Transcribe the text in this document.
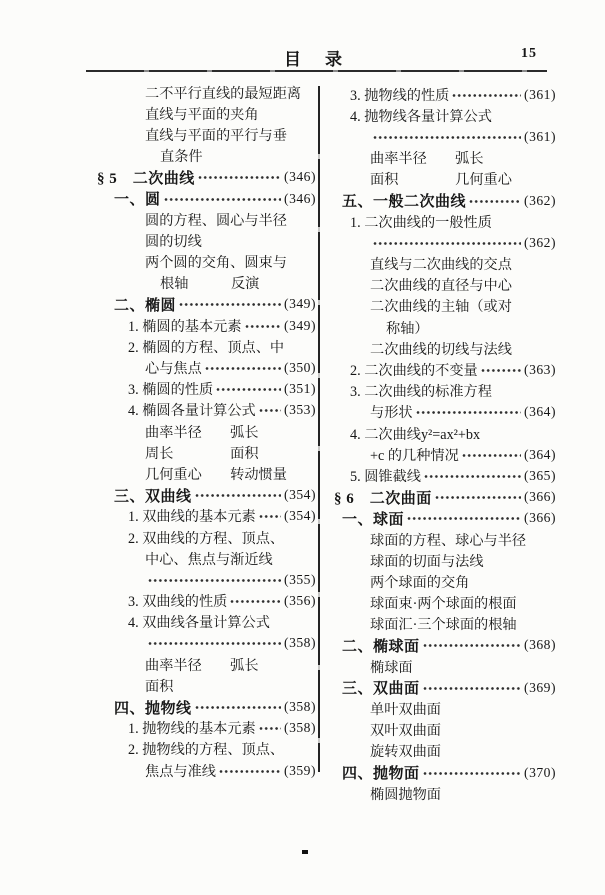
目录	15
二不平行直线的最短距离
直线与平面的夹角
直线与平面的平行与垂
直条件
§ 5　二次曲线	(346)
一、圆	(346)
圆的方程、圆心与半径
圆的切线
两个圆的交角、圆束与
根轴　　　反演
二、椭圆	(349)
1. 椭圆的基本元素	(349)
2. 椭圆的方程、顶点、中
心与焦点	(350)
3. 椭圆的性质	(351)
4. 椭圆各量计算公式 (353)
曲率半径　　弧长
周长　　　　面积
几何重心　　转动惯量
三、双曲线	(354)
1. 双曲线的基本元素 (354)
2. 双曲线的方程、顶点、
中心、焦点与渐近线
(355)
3. 双曲线的性质	(356)
4. 双曲线各量计算公式
(358)
曲率半径　　弧长
面积
四、抛物线	(358)
1. 抛物线的基本元素 (358)
2. 抛物线的方程、顶点、
焦点与准线	(359)
3. 抛物线的性质	(361)
4. 抛物线各量计算公式
(361)
曲率半径　　弧长
面积　　　　几何重心
五、一般二次曲线	(362)
1. 二次曲线的一般性质
(362)
直线与二次曲线的交点
二次曲线的直径与中心
二次曲线的主轴（或对
称轴）
二次曲线的切线与法线
2. 二次曲线的不变量	(363)
3. 二次曲线的标准方程
与形状	(364)
4. 二次曲线y²=ax²+bx
+c 的几种情况	(364)
5. 圆锥截线	(365)
§ 6　二次曲面	(366)
一、球面	(366)
球面的方程、球心与半径
球面的切面与法线
两个球面的交角
球面束·两个球面的根面
球面汇·三个球面的根轴
二、椭球面	(368)
椭球面
三、双曲面	(369)
单叶双曲面
双叶双曲面
旋转双曲面
四、抛物面	(370)
椭圆抛物面
